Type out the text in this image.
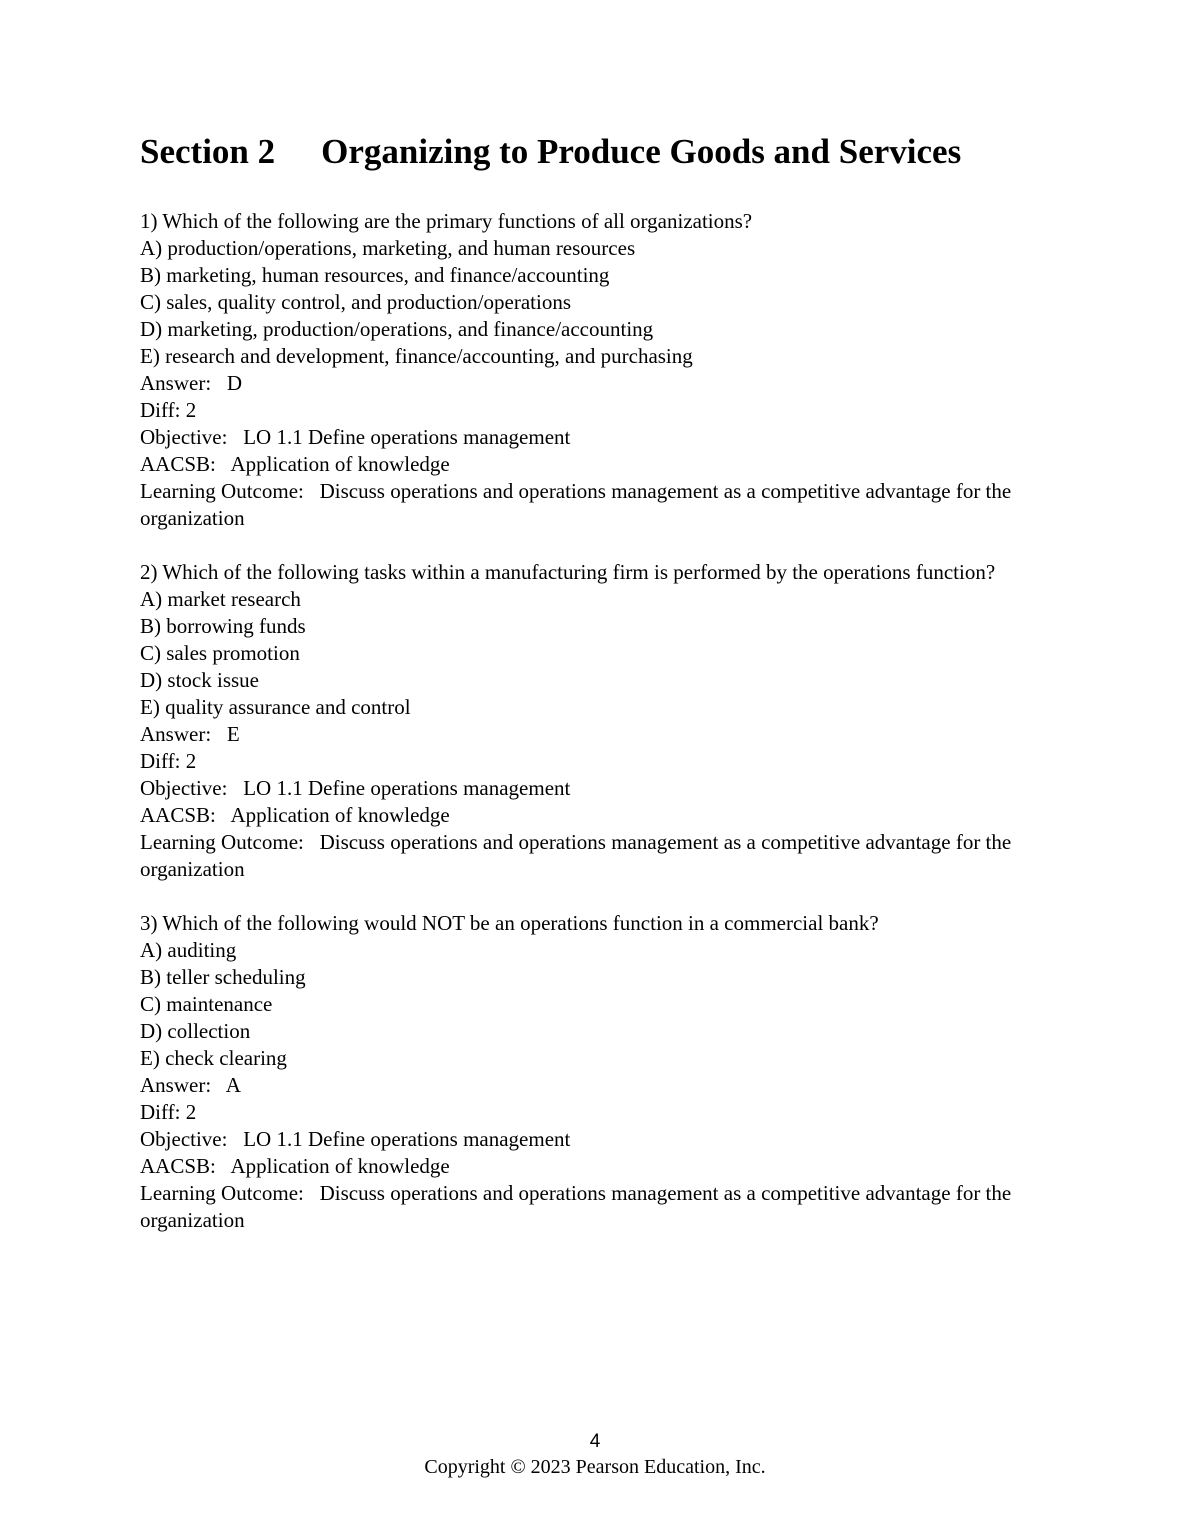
Section 2 Organizing to Produce Goods and Services

1) Which of the following are the primary functions of all organizations?

A) production/operations, marketing, and human resources

B) marketing, human resources, and finance/accounting

C) sales, quality control, and production/operations

D) marketing, production/operations, and finance/accounting

E) research and development, finance/accounting, and purchasing

Answer:   D

Diff: 2

Objective:   LO 1.1 Define operations management

AACSB:   Application of knowledge

Learning Outcome:   Discuss operations and operations management as a competitive advantage for the organization

2) Which of the following tasks within a manufacturing firm is performed by the operations function?

A) market research

B) borrowing funds

C) sales promotion

D) stock issue

E) quality assurance and control

Answer:   E

Diff: 2

Objective:   LO 1.1 Define operations management

AACSB:   Application of knowledge

Learning Outcome:   Discuss operations and operations management as a competitive advantage for the organization

3) Which of the following would NOT be an operations function in a commercial bank?

A) auditing

B) teller scheduling

C) maintenance

D) collection

E) check clearing

Answer:   A

Diff: 2

Objective:   LO 1.1 Define operations management

AACSB:   Application of knowledge

Learning Outcome:   Discuss operations and operations management as a competitive advantage for the organization

4
Copyright © 2023 Pearson Education, Inc.
